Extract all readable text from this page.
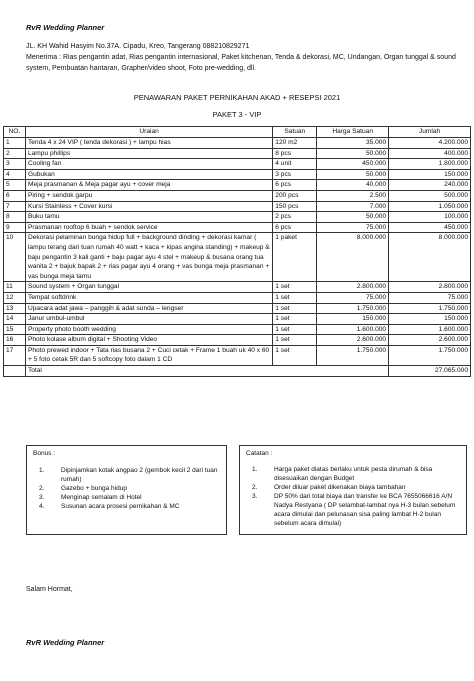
RvR Wedding Planner
JL. KH Wahid Hasyim No.37A. Cipadu, Kreo, Tangerang 088210829271
Menerima : Rias pengantin adat, Rias pengantin internasional, Paket kitchenan, Tenda & dekorasi, MC, Undangan, Organ tunggal & sound system, Pembuatan hantaran, Grapher/video shoot, Foto pre-wedding, dll.
PENAWARAN PAKET PERNIKAHAN AKAD + RESEPSI 2021
PAKET 3 - VIP
NO.	Uraian	Satuan	Harga Satuan	Jumlah
1	Tenda 4 x 24 VIP ( tenda dekorasi ) + lampu hias	120 m2	35.000	4.200.000
2	Lampu phillips	8 pcs	50.000	400.000
3	Cooling fan	4 unit	450.000	1.800.000
4	Gubukan	3 pcs	50.000	150.000
5	Meja prasmanan & Meja pagar ayu + cover meja	6 pcs	40.000	240.000
6	Piring + sendok garpu	200 pcs	2.500	500.000
7	Kursi Stainless + Cover kursi	150 pcs	7.000	1.050.000
8	Buku tamu	2 pcs	50.000	100.000
9	Prasmanan rooftop 6 buah + sendok service	6 pcs	75.000	450.000
10	Dekorasi pelaminan bunga hidup full + background dinding + dekorasi kamar ( lampu terang dari tuan rumah 40 watt + kaca + kipas angina standing) + makeup & baju pengantin 3 kali ganti + baju pagar ayu 4 stel + makeup & busana orang tua wanita 2 + bajuk bapak 2 + rias pagar ayu 4 orang + vas bunga meja prasmanan + vas bunga meja tamu	1 paket	8.000.000	8.000.000
11	Sound system + Organ tunggal	1 set	2.800.000	2.800.000
12	Tempat softdrink	1 set	75.000	75.000
13	Upacara adat jawa – panggih & adat sunda – lengser	1 set	1.750.000	1.750.000
14	Janur umbul-umbul	1 set	150.000	150.000
15	Property photo booth wedding	1 set	1.600.000	1.600.000
16	Photo kolase album digital + Shooting Video	1 set	2.600.000	2.600.000
17	Photo prewed indoor + Tata rias busana 2 + Cuci cetak + Frame 1 buah uk 40 x 60 + 5 foto cetak 5R dan 5 softcopy foto dalam 1 CD	1 set	1.750.000	1.750.000
	Total			27.065.000
Bonus :
1.	Dipinjamkan kotak angpao 2 (gembok kecil 2 dari tuan rumah)
2.	Gazebo + bunga hidup
3.	Menginap semalam di Hotel
4.	Susunan acara prosesi pernikahan & MC
Catatan :
1.	Harga paket diatas berlaku untuk pesta dirumah & bisa disesuaikan dengan Budget
2.	Order diluar paket dikenakan biaya tambahan
3.	DP 50% dari total biaya dan transfer ke BCA 7655066616 A/N Nadya Restyana ( DP selambat-lambat nya H-3 bulan sebelum acara dimulai dan pelunasan sisa paling lambat H-2 bulan sebelum acara dimulai)
Salam Hormat,
RvR Wedding Planner
